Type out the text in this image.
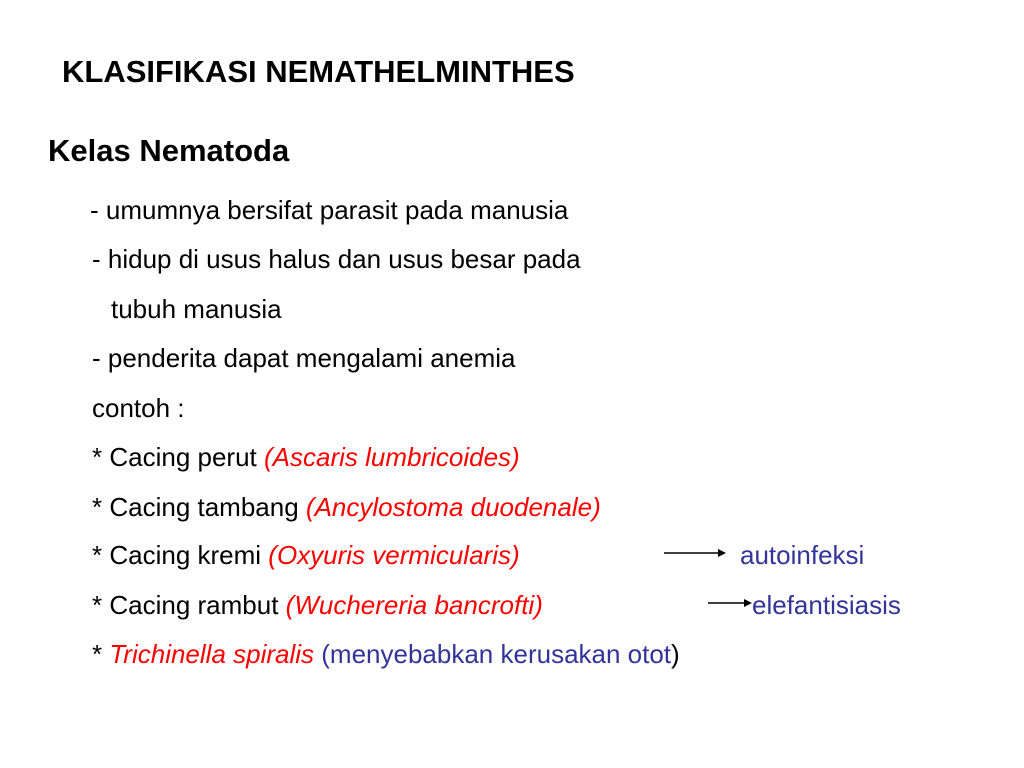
KLASIFIKASI NEMATHELMINTHES
Kelas Nematoda
- umumnya bersifat parasit pada manusia
- hidup di usus halus dan usus besar pada
tubuh manusia
- penderita dapat mengalami anemia
contoh :
* Cacing perut (Ascaris lumbricoides)
* Cacing tambang (Ancylostoma duodenale)
* Cacing kremi (Oxyuris vermicularis)	autoinfeksi
* Cacing rambut (Wuchereria bancrofti)	elefantisiasis
* Trichinella spiralis (menyebabkan kerusakan otot)
